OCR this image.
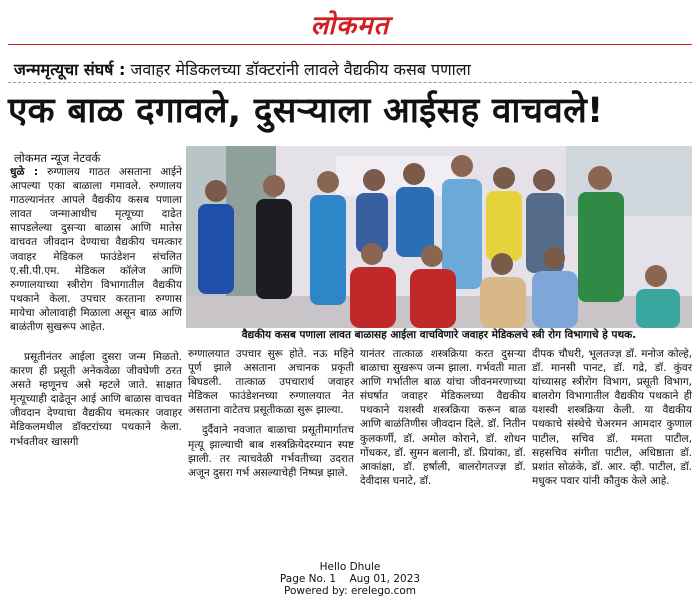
लोकमत
जन्ममृत्यूचा संघर्ष : जवाहर मेडिकलच्या डॉक्टरांनी लावले वैद्यकीय कसब पणाला
एक बाळ दगावले, दुसऱ्याला आईसह वाचवले!
लोकमत न्यूज नेटवर्क

धुळे : रुग्णालय गाठत असताना आईने आपल्या एका बाळाला गमावले. रुग्णालय गाठल्यानंतर आपले वैद्यकीय कसब पणाला लावत जन्माआधीच मृत्यूच्या दाढेत सापडलेल्या दुसऱ्या बाळास आणि मातेस वाचवत जीवदान देण्याचा वैद्यकीय चमत्कार जवाहर मेडिकल फाउंडेशन संचलित ए.सी.पी.एम. मेडिकल कॉलेज आणि रुग्णालयाच्या स्त्रीरोग विभागातील वैद्यकीय पथकाने केला. उपचार करताना रुग्णास मायेचा ओलावाही मिळाला असून बाळ आणि बाळंतीण सुखरूप आहेत.

प्रसूतीनंतर आईला दुसरा जन्म मिळतो. कारण ही प्रसूती अनेकवेळा जीवघेणी ठरत असते म्हणूनच असे म्हटले जाते. साक्षात मृत्यूच्याही दाढेतून आई आणि बाळास वाचवत जीवदान देण्याचा वैद्यकीय चमत्कार जवाहर मेडिकलमधील डॉक्टरांच्या पथकाने केला. गर्भवतीवर खासगी

रुग्णालयात उपचार सुरू होते. नऊ महिने पूर्ण झाले असताना अचानक प्रकृती बिघडली. तात्काळ उपचारार्थ जवाहर मेडिकल फाउंडेशनच्या रुग्णालयात नेत असताना वाटेतच प्रसूतीकळा सुरू झाल्या.

दुर्दैवाने नवजात बाळाचा प्रसूतीमार्गातच मृत्यू झाल्याची बाब शस्त्रक्रियेदरम्यान स्पष्ट झाली. तर त्याचवेळी गर्भवतीच्या उदरात अजून दुसरा गर्भ असल्याचेही निष्पन्न झाले.

यानंतर तात्काळ शस्त्रक्रिया करत दुसऱ्या बाळाचा सुखरूप जन्म झाला. गर्भवती माता आणि गर्भातील बाळ यांचा जीवनमरणाच्या संघर्षात जवाहर मेडिकलच्या वैद्यकीय पथकाने यशस्वी शस्त्रक्रिया करून बाळ आणि बाळंतिणीस जीवदान दिले. डॉ. नितीन कुलकर्णी, डॉ. अमोल कोराने, डॉ. शोधन गोंधकर, डॉ. सुमन बलानी, डॉ. प्रियांका, डॉ. आकांक्षा, डॉ. हर्षाली, बालरोगतज्ज्ञ डॉ. देवीदास घनाटे, डॉ.

दीपक चौधरी, भूलतज्ज्ञ डॉ. मनोज कोल्हे, डॉ. मानसी पानट, डॉ. गद्रे, डॉ. कुंवर यांच्यासह स्त्रीरोग विभाग, प्रसूती विभाग, बालरोग विभागातील वैद्यकीय पथकाने ही यशस्वी शस्त्रक्रिया केली. या वैद्यकीय पथकाचे संस्थेचे चेअरमन आमदार कुणाल पाटील, सचिव डॉ. ममता पाटील, सहसचिव संगीता पाटील, अधिष्ठाता डॉ. प्रशांत सोळंके, डॉ. आर. व्ही. पाटील, डॉ. मधुकर पवार यांनी कौतुक केले आहे.

वैद्यकीय कसब पणाला लावत बाळासह आईला वाचविणारे जवाहर मेडिकलचे स्त्री रोग विभागाचे हे पथक.
Hello Dhule
Page No. 1 Aug 01, 2023
Powered by: erelego.com
